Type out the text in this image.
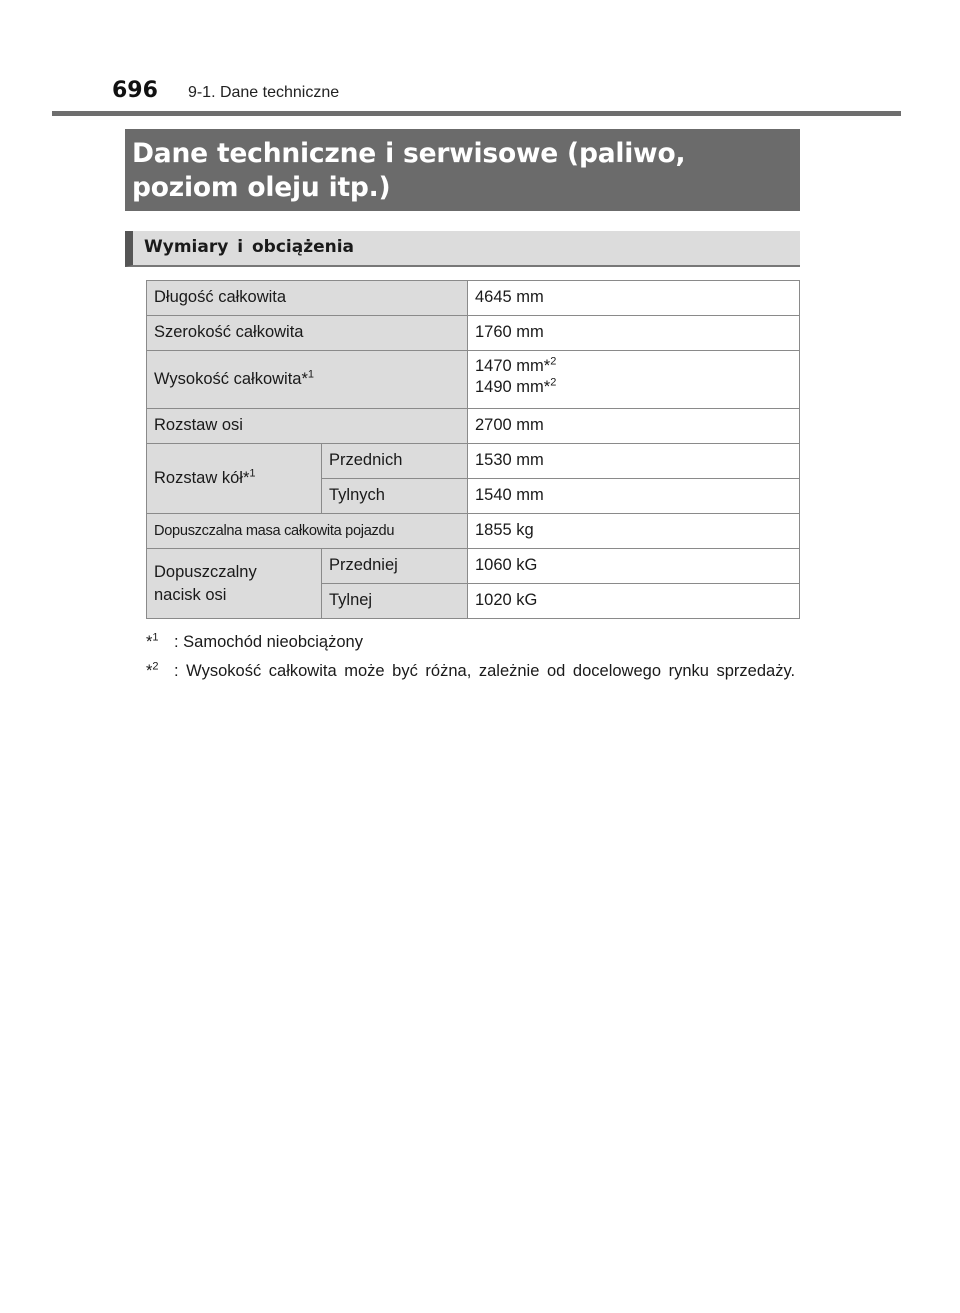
696 9-1. Dane techniczne
Dane techniczne i serwisowe (paliwo, poziom oleju itp.)
Wymiary i obciążenia
Długość całkowita		4645 mm
Szerokość całkowita		1760 mm
Wysokość całkowita*$^1$		1470 mm*$^2$
1490 mm*$^2$
Rozstaw osi		2700 mm
Rozstaw kół*$^1$	Przednich	1530 mm
	Tylnych	1540 mm
Dopuszczalna masa całkowita pojazdu		1855 kg
Dopuszczalny
nacisk osi	Przedniej	1060 kG
	Tylnej	1020 kG
*$^1$ : Samochód nieobciążony
*$^2$ : Wysokość całkowita może być różna, zależnie od docelowego rynku sprzedaży.
